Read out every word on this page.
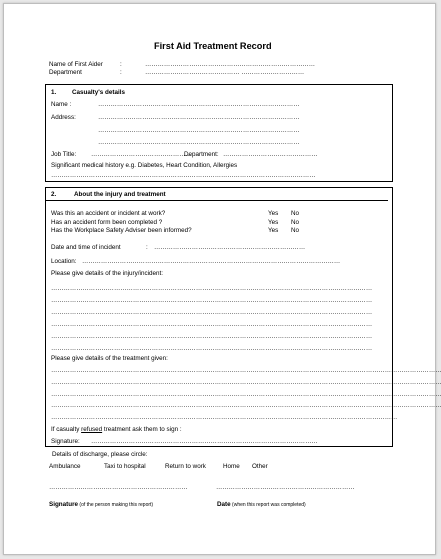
First Aid Treatment Record
Name of First Aider	:	………………………………………………………………………
Department	:	……………………………………… …………………………
1. Casualty's details
Name :	……………………………………………………………………………………
Address:	……………………………………………………………………………………
……………………………………………………………………………………
……………………………………………………………………………………
Job Title: …………………………………………
Department: ………………………………………
Significant medical history e.g. Diabetes, Heart Condition, Allergies
………………………………………………………………………………………………………………
2.	About the injury and treatment
Was this an accident or incident at work?	Yes No
Has an accident form been completed ?	Yes No
Has the Workplace Safety Adviser been informed?	Yes No
Date and time of incident	: ………………………………………………………………
Location: ……………………………………………………………………………………………………………
Please give details of the injury/incident:
………………………………………………………………………………………………………………………………………
………………………………………………………………………………………………………………………………………
………………………………………………………………………………………………………………………………………
………………………………………………………………………………………………………………………………………
………………………………………………………………………………………………………………………………………
………………………………………………………………………………………………………………………………………
Please give details of the treatment given:
……………………………………………………………………………………………………………………………………………………………………
……………………………………………………………………………………………………………………………………………………………………
……………………………………………………………………………………………………………………………………………………………………
……………………………………………………………………………………………………………………………………………………………………
…………………………………………………………………………………………………………………………………………………
If casualty refused treatment ask them to sign :
Signature: ………………………………………………………………………………………………
Details of discharge, please circle:
Ambulance	Taxi to hospital	Return to work	Home Other
…………………………………………………………	…………………………………………………………
Signature (of the person making this report)	Date (when this report was completed)
